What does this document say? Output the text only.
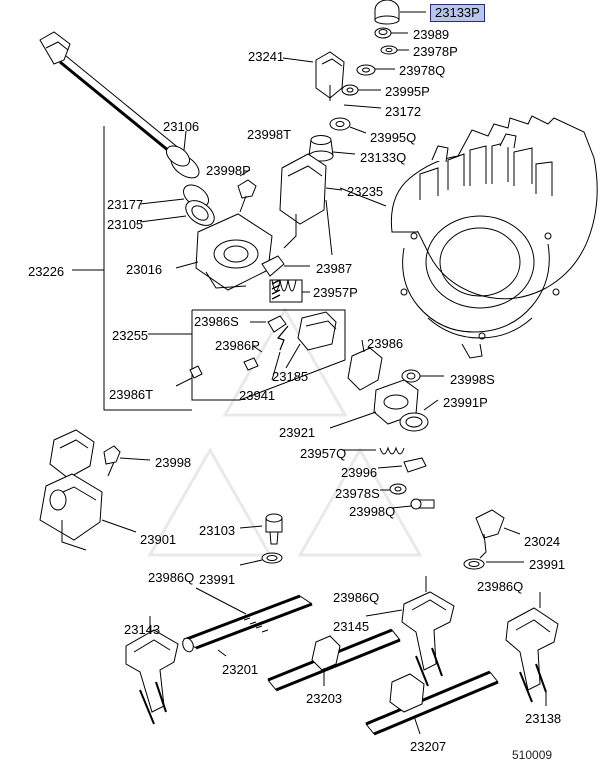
23133P
23989
23978P
23978Q
23995P
23172
23241
23995Q
23133Q
23998T
23106
23998P
23235
23177
23105
23226	23016	23987
23957P
23986S
23255
23986P	23986
23185
23941
23986T
23998S
23991P
23921
23957Q
23996
23978S
23998Q
23998
23901
23103
23991
23024
23991
23986Q
23986Q
23986Q
23143	23145
23201
23203
23207
23138
510009
